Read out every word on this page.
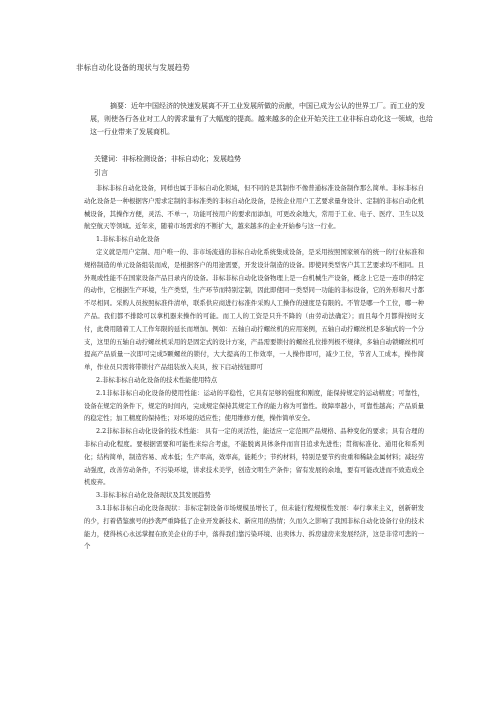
非标自动化设备的现状与发展趋势
摘要：近年中国经济的快速发展离不开工业发展所做的贡献，中国已成为公认的世界工厂。而工业的发展，则使各行各业对工人的需求量有了大幅度的提高。越来越多的企业开始关注工业非标自动化这一领域，也给这一行业带来了发展商机。
关键词：非标检测设备；非标自动化；发展趋势
引言

非标非标自动化设备，同样也属于非标自动化领域，但不同的是其制作不像普通标准设备制作那么简单。非标非标自动化设备是一种根据客户需求定制的非标准类的非标自动化设备，是按企业用户工艺要求量身设计、定制的非标自动化机械设备，其操作方便，灵活、不单一，功能可按用户的要求而添加，可更改余地大，常用于工业、电子、医疗、卫生以及航空航天等领域。近年来，随着市场需求的不断扩大，越来越多的企业开始参与这一行业。

1.非标非标自动化设备

定义就是用户定制、用户唯一的、非市场流通的非标自动化系统集成设备，是采用按照国家颁布的统一的行业标准和规格制造的单元设备组装而成，是根据客户的用途需要，开发设计制造的设备。即使同类型客户其工艺要求均不相同。且外观或性能不在国家设备产品目录内的设备。非标非标自动化设备物理上是一台机械生产设备，概念上它是一连串的特定的动作，它根据生产环境，生产类型，生产环节而特别定制，因此即使同一类型同一功能的非标设备，它的外形和尺寸都不尽相同。采购人员按照标准件清单，联系供应商进行标准件采购人工操作的速度是有限的。不管是哪一个工位，哪一种产品。我们都不排除可以拿机器来操作的可能。而工人的工资是只升不降的（由劳动法确定）；而且每个月都得按时支付，此费用随着工人工作年限的延长而增加。例如：五轴自动拧螺丝机的应用案例，五轴自动拧螺丝机是多轴式的一个分支，这里的五轴自动拧螺丝机采用的是固定式的设计方案，产品需要锁付的螺丝孔位排列极不规律，多轴自动锁螺丝机可提高产品质量一次即可完成5颗螺丝的锁付，大大提高的工作效率，一人操作即可，减少工位，节省人工成本，操作简单，作业员只需将带锁付产品组装放入夹具，按下启动按钮即可

2.非标非标自动化设备的技术性能使用特点

2.1非标非标自动化设备的使用性能：运动的平稳性，它具有足够的强度和刚度，能保持规定的运动精度；可靠性，设备在规定的条件下，规定的时间内，完成规定保持其规定工作的能力称为可靠性。故障率越小，可靠性越高；产品质量的稳定性；加工精度的保持性；对环境的适应性；使用维修方便，操作简单安全。

2.2非标非标自动化设备的技术性能： 具有一定的灵活性，能适应一定范围产品规格、品种变化的要求；具有合理的非标自动化程度。要根据需要和可能性来综合考虑，不能脱离具体条件而盲目追求先进性；贯彻标准化、通用化和系列化；结构简单，制造容易、成本低；生产率高，效率高，能耗少；节约材料，特别是要节约贵重和稀缺金属材料；减轻劳动强度，改善劳动条件，不污染环境，讲求技术美学，创造文明生产条件；留有发展的余地，要有可能改进而不致造成全机废弃。

3.非标非标自动化设备现状及其发展趋势

3.1非标非标自动化设备现状：非标定制设备市场规模虽增长了，但未能行程规模性发展：奉行拿来主义，创新研发的少，打着借鉴旗号的抄袭严重降低了企业开发新技术、新应用的热情；久而久之影响了我国非标自动化设备行业的技术能力，使得核心永远掌握在欧美企业的手中，落得我们靠污染环境、出卖体力、拆房建房来发展经济，这是非常可悲的一个
